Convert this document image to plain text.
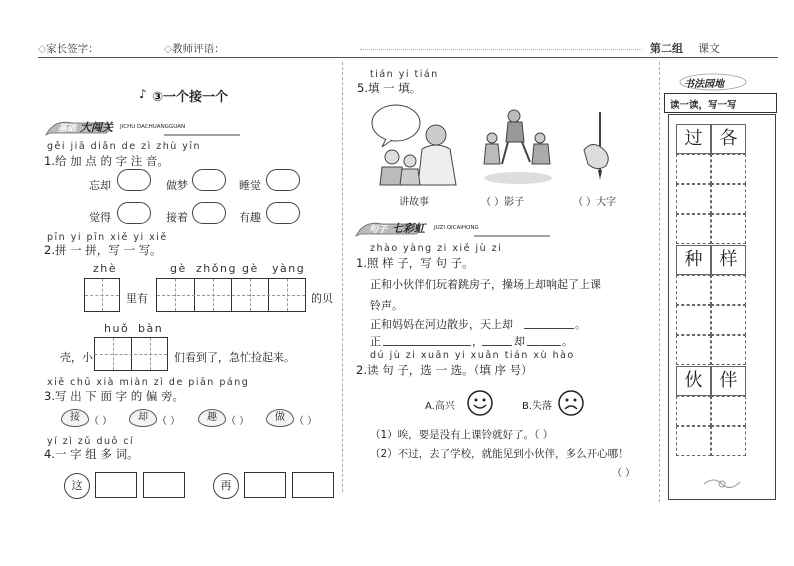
◇家长签字：	◇教师评语：	第二组 课文
♪ ③一个接一个
基础 大闯关 JICHU DACHUANGGUAN
gěi jiā diǎn de zì zhù yīn
1.给 加 点 的 字 注 音。
忘却	做梦	睡觉
觉得	接着	有趣
pīn yi pīn xiě yi xiě
2.拼 一 拼，写 一 写。
zhè
里有
gè zhǒng gè yàng
的贝
huǒ bàn
壳，小	们看到了，急忙捡起来。
xiě chū xià miàn zì de piān páng
3.写 出 下 面 字 的 偏 旁。
接 （ ）	却 （ ）	趣 （ ）	做 （ ）
yí zì zǔ duō cí
4.一 字 组 多 词。
这	再
tián yi tián
5.填 一 填。
讲故事	（ ）影子	（ ）大字
句子 七彩虹 JUZI QICAIHONG
zhào yàng zi xiě jù zi
1.照 样 子，写 句 子。
正和小伙伴们玩着跳房子，操场上却响起了上课
铃声。
正和妈妈在河边散步，天上却	。
正	，	却	。
dú jù zi xuǎn yi xuǎn tián xù hào
2.读 句 子，选 一 选。（填 序 号）
A.高兴	B.失落
（1）唉，要是没有上课铃就好了。（ ）
（2）不过，去了学校，就能见到小伙伴，多么开心哪！
（ ）
书法园地
读一读，写一写
过 各
种 样
伙 伴
